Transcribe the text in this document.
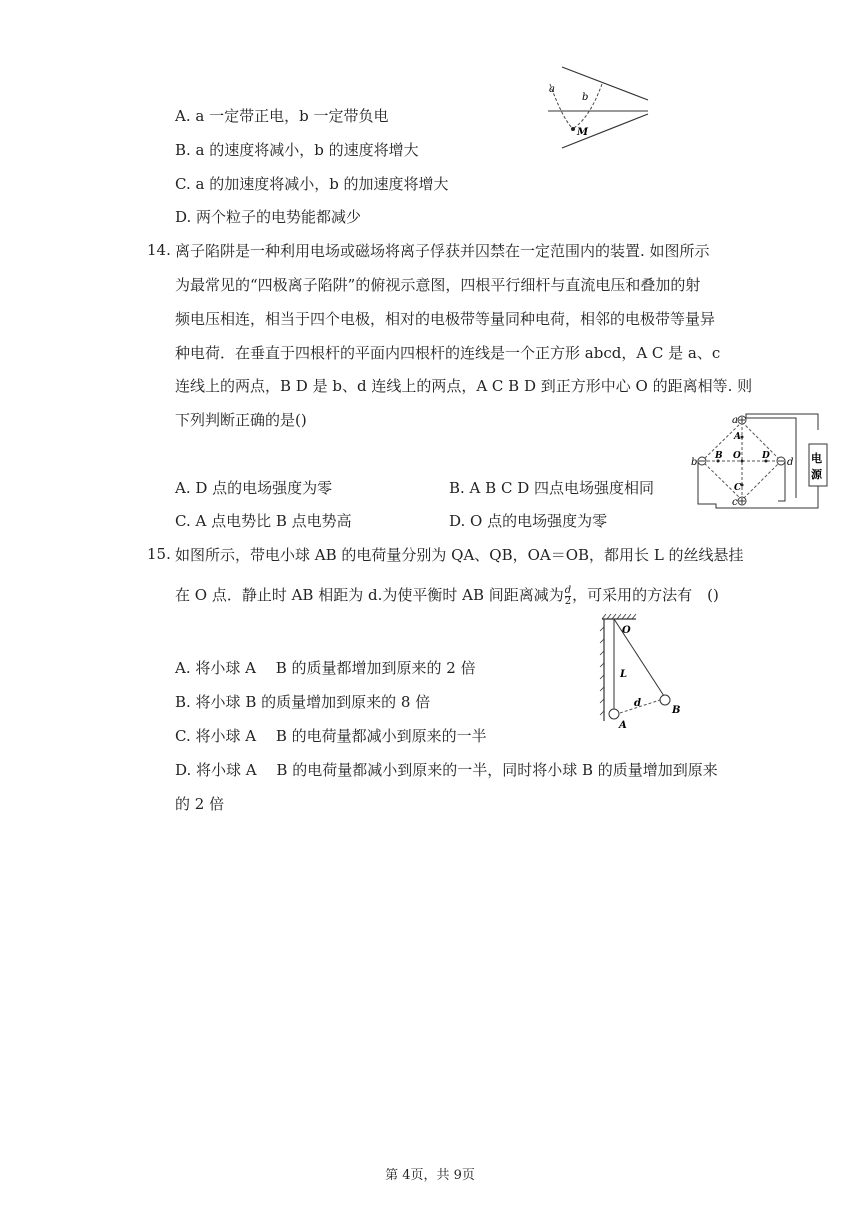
A. a 一定带正电，b 一定带负电
B. a 的速度将减小，b 的速度将增大
C. a 的加速度将减小，b 的加速度将增大
D. 两个粒子的电势能都减少
a
b
M
14. 离子陷阱是一种利用电场或磁场将离子俘获并囚禁在一定范围内的装置. 如图所示
为最常见的“四极离子陷阱”的俯视示意图，四根平行细杆与直流电压和叠加的射
频电压相连，相当于四个电极，相对的电极带等量同种电荷，相邻的电极带等量异
种电荷．在垂直于四根杆的平面内四根杆的连线是一个正方形 abcd，A C 是 a、c
连线上的两点，B D 是 b、d 连线上的两点，A C B D 到正方形中心 O 的距离相等. 则
下列判断正确的是()
A. D 点的电场强度为零	B. A B C D 四点电场强度相同
C. A 点电势比 B 点电势高	D. O 点的电场强度为零
电
源
a
c
b	d
A
C
B	D
O
15. 如图所示，带电小球 AB 的电荷量分别为 QA、QB，OA＝OB，都用长 L 的丝线悬挂
在 O 点．静止时 AB 相距为 d.为使平衡时 AB 间距离减为 $\frac{d}{2}$ ，可采用的方法有　()
A. 将小球 A　 B 的质量都增加到原来的 2 倍
B. 将小球 B 的质量增加到原来的 8 倍
C. 将小球 A　 B 的电荷量都减小到原来的一半
D. 将小球 A　 B 的电荷量都减小到原来的一半，同时将小球 B 的质量增加到原来
的 2 倍
O
L
A
B
d
第 4页，共 9页
